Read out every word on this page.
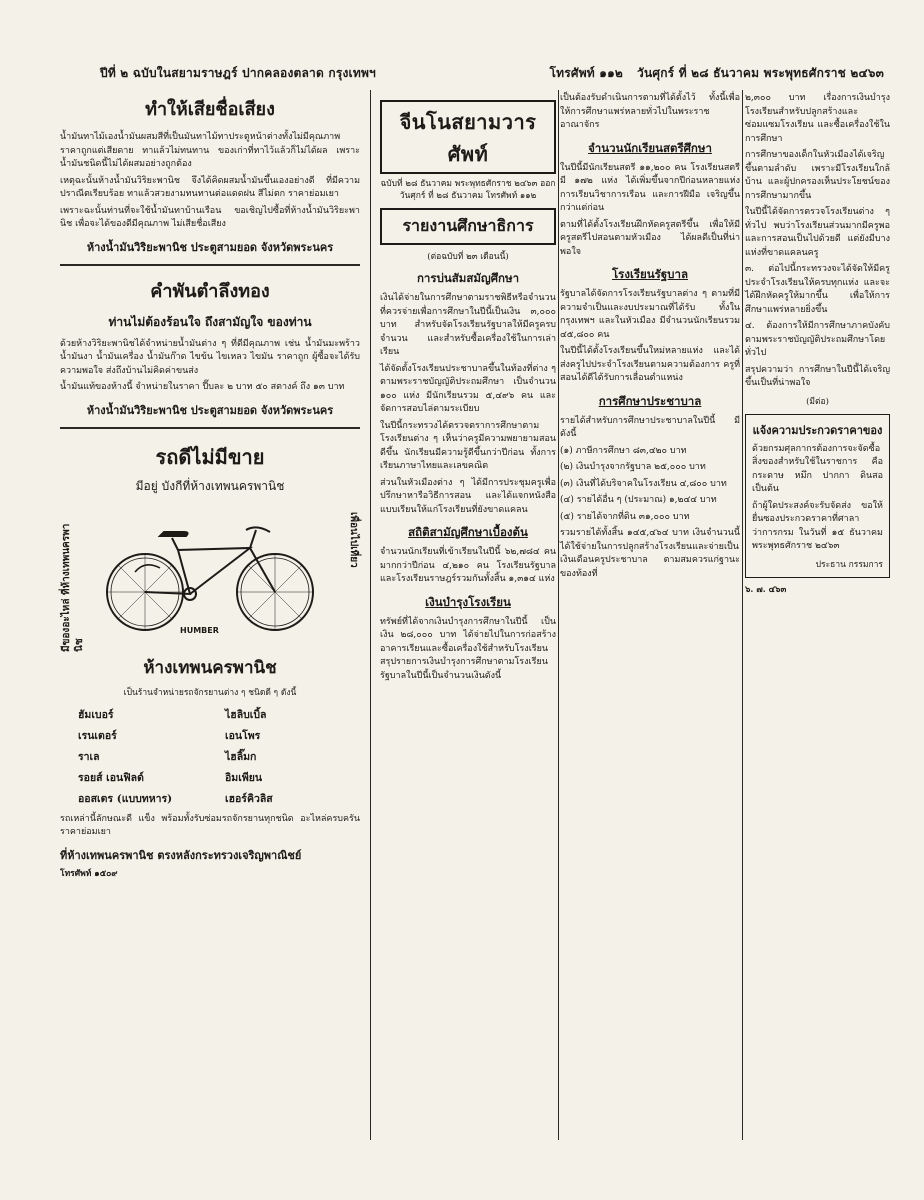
ปีที่ ๒ ฉบับในสยามราษฎร์ ปากคลองตลาด กรุงเทพฯ	โทรศัพท์ ๑๑๒ วันศุกร์ ที่ ๒๘ ธันวาคม พระพุทธศักราช ๒๔๖๓
ทำให้เสียชื่อเสียง

น้ำมันทาไม้เองน้ำมันผสมสีที่เป็นมันทาไม้ทาประตูหน้าต่างทั้งไม่มีคุณภาพ ราคาถูกแต่เสียดาย ทาแล้วไม่ทนทาน ของเก่าที่ทาไว้แล้วก็ไม่ได้ผล เพราะน้ำมันชนิดนี้ไม่ได้ผสมอย่างถูกต้อง

เหตุฉะนั้นห้างน้ำมันวิริยะพานิช จึงได้คิดผสมน้ำมันขึ้นเองอย่างดี ที่มีความปราณีตเรียบร้อย ทาแล้วสวยงามทนทานต่อแดดฝน สีไม่ตก ราคาย่อมเยา

เพราะฉะนั้นท่านที่จะใช้น้ำมันทาบ้านเรือน ขอเชิญไปซื้อที่ห้างน้ำมันวิริยะพานิช เพื่อจะได้ของดีมีคุณภาพ ไม่เสียชื่อเสียง

ห้างน้ำมันวิริยะพานิช ประตูสามยอด จังหวัดพระนคร
คำพันตำลึงทอง
ท่านไม่ต้องร้อนใจ ถึงสามัญใจ ของท่าน

ด้วยห้างวิริยะพานิชได้จำหน่ายน้ำมันต่าง ๆ ที่ดีมีคุณภาพ เช่น น้ำมันมะพร้าว น้ำมันงา น้ำมันเครื่อง น้ำมันก๊าด ไขข้น ไขเหลว ไขมัน ราคาถูก ผู้ซื้อจะได้รับความพอใจ ส่งถึงบ้านไม่คิดค่าขนส่ง

น้ำมันแท้ของห้างนี้ จำหน่ายในราคา ปี๊บละ ๒ บาท ๕๐ สตางค์ ถึง ๑๓ บาท

ห้างน้ำมันวิริยะพานิช ประตูสามยอด จังหวัดพระนคร
รถดีไม่มีขาย
มีอยู่ บังกีที่ห้างเทพนครพานิช
มีของอะไหล่ ที่ห้างเทพนครพานิช
เพื่อนไปเที่ยว
HUMBER
ห้างเทพนครพานิช
เป็นร้านจำหน่ายรถจักรยานต่าง ๆ ชนิดดี ๆ ดังนี้
ฮัมเบอร์	ไฮลิบเบิ้ล
เรนเตอร์	เอนโพร
ราเล	ไฮลิ๊มก
รอยส์ เอนฟิลด์	อิมเพียน
ออสเตร (แบบทหาร)	เฮอร์คิวลิส

รถเหล่านี้ลักษณะดี แข็ง พร้อมทั้งรับซ่อมรถจักรยานทุกชนิด อะไหล่ครบครัน ราคาย่อมเยา

ที่ห้างเทพนครพานิช ตรงหลังกระทรวงเจริญพาณิชย์
โทรศัพท์ ๑๕๐๙
จีนโนสยามวารศัพท์
ฉบับที่ ๒๘ ธันวาคม พระพุทธศักราช ๒๔๖๓ ออกวันศุกร์ ที่ ๒๘ ธันวาคม โทรศัพท์ ๑๑๒
รายงานศึกษาธิการ
(ต่อฉบับที่ ๒๓ เดือนนี้)
การบ่นสัมสมัญศึกษา

เงินได้จ่ายในการศึกษาตามราชพิธีหรือจำนวนที่ควรจ่ายเพื่อการศึกษาในปีนี้เป็นเงิน ๓,๐๐๐ บาท สำหรับจัดโรงเรียนรัฐบาลให้มีครูครบจำนวน และสำหรับซื้อเครื่องใช้ในการเล่าเรียน

ได้จัดตั้งโรงเรียนประชาบาลขึ้นในท้องที่ต่าง ๆ ตามพระราชบัญญัติประถมศึกษา เป็นจำนวน ๑๐๐ แห่ง มีนักเรียนรวม ๕,๔๙๖ คน และจัดการสอบไล่ตามระเบียบ

ในปีนี้กระทรวงได้ตรวจตราการศึกษาตามโรงเรียนต่าง ๆ เห็นว่าครูมีความพยายามสอนดีขึ้น นักเรียนมีความรู้ดีขึ้นกว่าปีก่อน ทั้งการเรียนภาษาไทยและเลขคณิต

ส่วนในหัวเมืองต่าง ๆ ได้มีการประชุมครูเพื่อปรึกษาหารือวิธีการสอน และได้แจกหนังสือแบบเรียนให้แก่โรงเรียนที่ยังขาดแคลน

สถิติสามัญศึกษาเบื้องต้น

จำนวนนักเรียนที่เข้าเรียนในปีนี้ ๖๒,๗๘๔ คน มากกว่าปีก่อน ๔,๒๑๐ คน โรงเรียนรัฐบาลและโรงเรียนราษฎร์รวมกันทั้งสิ้น ๑,๓๑๔ แห่ง

เงินบำรุงโรงเรียน

ทรัพย์ที่ได้จากเงินบำรุงการศึกษาในปีนี้ เป็นเงิน ๒๘,๐๐๐ บาท ได้จ่ายไปในการก่อสร้างอาคารเรียนและซื้อเครื่องใช้สำหรับโรงเรียน สรุปรายการเงินบำรุงการศึกษาตามโรงเรียนรัฐบาลในปีนี้เป็นจำนวนเงินดังนี้

เป็นต้องรับดำเนินการตามที่ได้ตั้งไว้ ทั้งนี้เพื่อให้การศึกษาแพร่หลายทั่วไปในพระราชอาณาจักร

จำนวนนักเรียนสตรีศึกษา

ในปีนี้มีนักเรียนสตรี ๑๑,๒๐๐ คน โรงเรียนสตรีมี ๑๗๒ แห่ง ได้เพิ่มขึ้นจากปีก่อนหลายแห่ง การเรียนวิชาการเรือน และการฝีมือ เจริญขึ้นกว่าแต่ก่อน

ตามที่ได้ตั้งโรงเรียนฝึกหัดครูสตรีขึ้น เพื่อให้มีครูสตรีไปสอนตามหัวเมือง ได้ผลดีเป็นที่น่าพอใจ

โรงเรียนรัฐบาล

รัฐบาลได้จัดการโรงเรียนรัฐบาลต่าง ๆ ตามที่มีความจำเป็นและงบประมาณที่ได้รับ ทั้งในกรุงเทพฯ และในหัวเมือง มีจำนวนนักเรียนรวม ๔๕,๘๐๐ คน

ในปีนี้ได้ตั้งโรงเรียนขึ้นใหม่หลายแห่ง และได้ส่งครูไปประจำโรงเรียนตามความต้องการ ครูที่สอนได้ดีได้รับการเลื่อนตำแหน่ง

การศึกษาประชาบาล

รายได้สำหรับการศึกษาประชาบาลในปีนี้ มีดังนี้

(๑) ภาษีการศึกษา ๘๓,๔๒๐ บาท
(๒) เงินบำรุงจากรัฐบาล ๒๕,๐๐๐ บาท
(๓) เงินที่ได้บริจาคในโรงเรียน ๔,๘๐๐ บาท
(๔) รายได้อื่น ๆ (ประมาณ) ๑,๒๔๔ บาท
(๕) รายได้จากที่ดิน ๓๑,๐๐๐ บาท

รวมรายได้ทั้งสิ้น ๑๔๕,๔๖๔ บาท เงินจำนวนนี้ได้ใช้จ่ายในการปลูกสร้างโรงเรียนและจ่ายเป็นเงินเดือนครูประชาบาล ตามสมควรแก่ฐานะของท้องที่

๒,๓๐๐ บาท เรื่องการเงินบำรุงโรงเรียนสำหรับปลูกสร้างและซ่อมแซมโรงเรียน และซื้อเครื่องใช้ในการศึกษา

การศึกษาของเด็กในหัวเมืองได้เจริญขึ้นตามลำดับ เพราะมีโรงเรียนใกล้บ้าน และผู้ปกครองเห็นประโยชน์ของการศึกษามากขึ้น

ในปีนี้ได้จัดการตรวจโรงเรียนต่าง ๆ ทั่วไป พบว่าโรงเรียนส่วนมากมีครูพอ และการสอนเป็นไปด้วยดี แต่ยังมีบางแห่งที่ขาดแคลนครู

๓. ต่อไปนี้กระทรวงจะได้จัดให้มีครูประจำโรงเรียนให้ครบทุกแห่ง และจะได้ฝึกหัดครูให้มากขึ้น เพื่อให้การศึกษาแพร่หลายยิ่งขึ้น

๔. ต้องการให้มีการศึกษาภาคบังคับตามพระราชบัญญัติประถมศึกษาโดยทั่วไป

สรุปความว่า การศึกษาในปีนี้ได้เจริญขึ้นเป็นที่น่าพอใจ

(มีต่อ)
แจ้งความประกวดราคาของ

ด้วยกรมศุลกากรต้องการจะจัดซื้อสิ่งของสำหรับใช้ในราชการ คือ กระดาษ หมึก ปากกา ดินสอ เป็นต้น

ถ้าผู้ใดประสงค์จะรับจัดส่ง ขอให้ยื่นซองประกวดราคาที่ศาลาว่าการกรม ในวันที่ ๑๕ ธันวาคม พระพุทธศักราช ๒๔๖๓

ประธาน กรรมการ
๖. ๗. ๔๖๓
